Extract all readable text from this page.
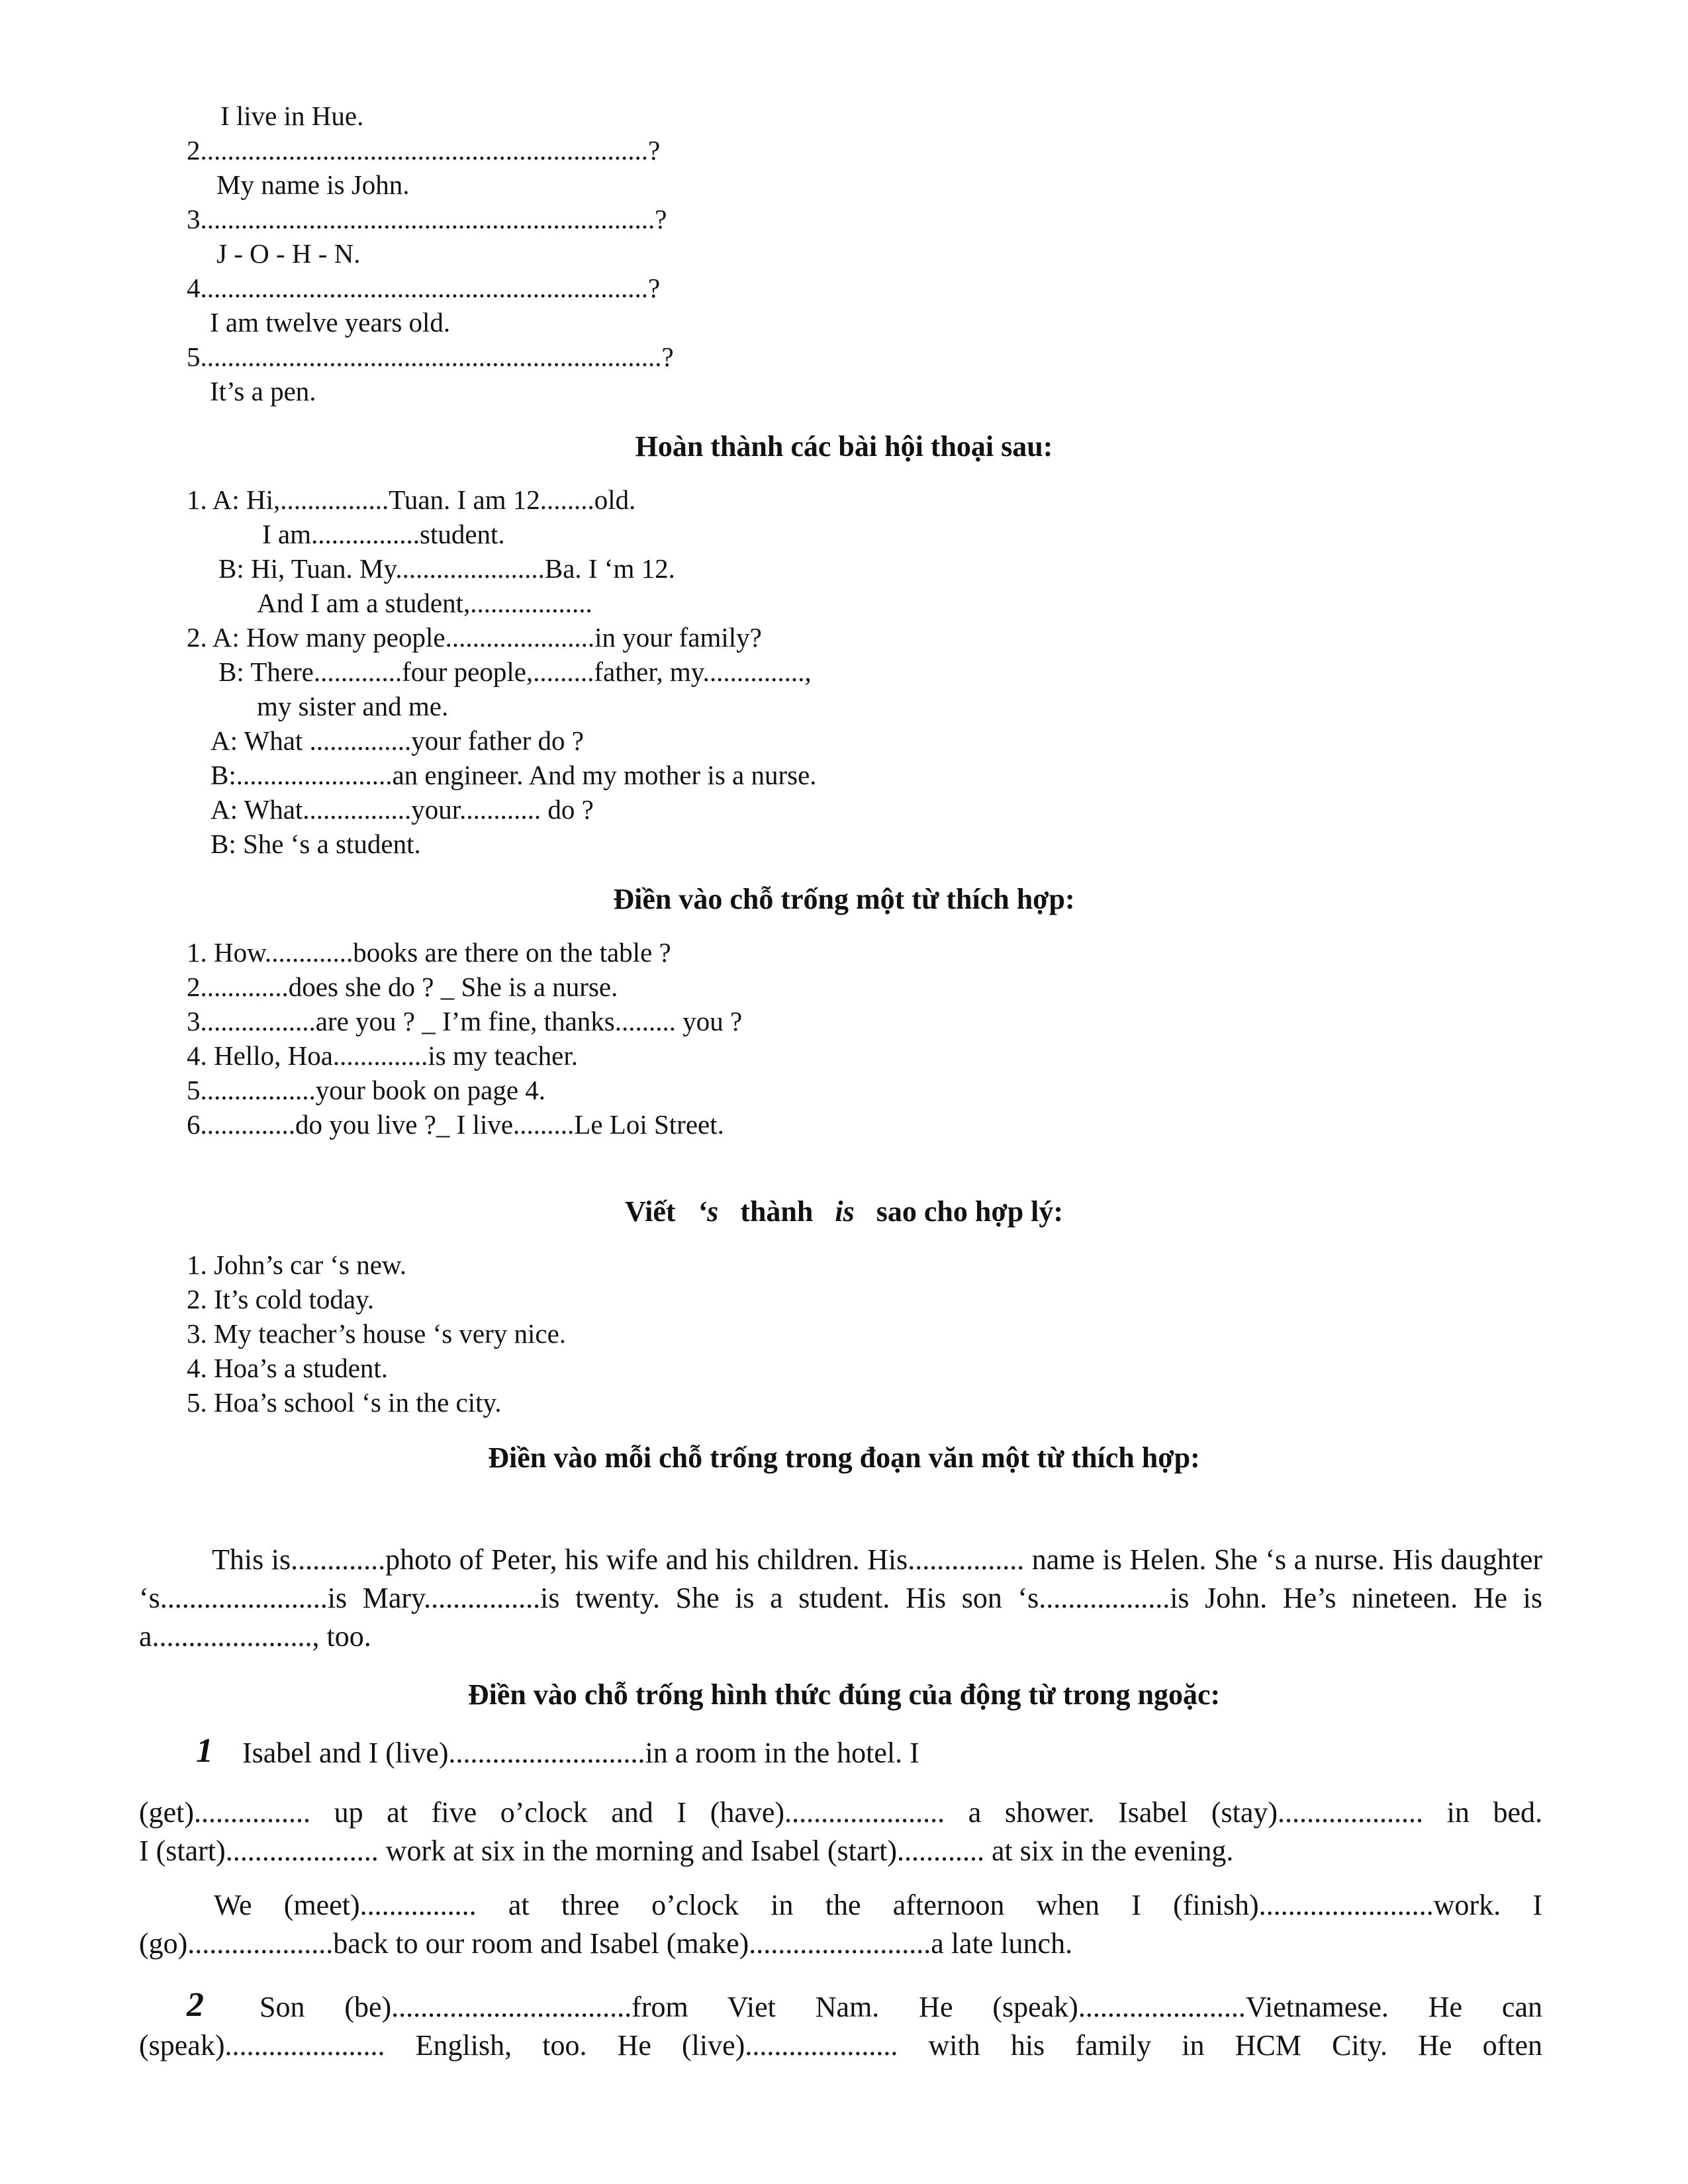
I live in Hue.
2..................................................................?
My name is John.
3...................................................................?
J - O - H - N.
4..................................................................?
I am twelve years old.
5....................................................................?
It’s a pen.
Hoàn thành các bài hội thoại sau:
1. A: Hi,................Tuan. I am 12........old.
I am................student.
B: Hi, Tuan. My......................Ba. I ‘m 12.
And I am a student,..................
2. A: How many people......................in your family?
B: There.............four people,.........father, my...............,
my sister and me.
A: What ...............your father do ?
B:.......................an engineer. And my mother is a nurse.
A: What................your............ do ?
B: She ‘s a student.
Điền vào chỗ trống một từ thích hợp:
1. How.............books are there on the table ?
2.............does she do ? _ She is a nurse.
3.................are you ? _ I’m fine, thanks......... you ?
4. Hello, Hoa..............is my teacher.
5.................your book on page 4.
6..............do you live ?_ I live.........Le Loi Street.
Viết ‘s thành is sao cho hợp lý:
1. John’s car ‘s new.
2. It’s cold today.
3. My teacher’s house ‘s very nice.
4. Hoa’s a student.
5. Hoa’s school ‘s in the city.
Điền vào mỗi chỗ trống trong đoạn văn một từ thích hợp:
This is.............photo of Peter, his wife and his children. His................ name is Helen. She ‘s a nurse. His daughter ‘s.......................is Mary................is twenty. She is a student. His son ‘s..................is John. He’s nineteen. He is a......................, too.
Điền vào chỗ trống hình thức đúng của động từ trong ngoặc:
1 Isabel and I (live)...........................in a room in the hotel. I
(get)................ up at five o’clock and I (have)...................... a shower. Isabel (stay).................... in bed.
I (start)..................... work at six in the morning and Isabel (start)............ at six in the evening.
We (meet)................ at three o’clock in the afternoon when I (finish)........................work. I
(go)....................back to our room and Isabel (make).........................a late lunch.
2 Son (be).................................from Viet Nam. He (speak).......................Vietnamese. He can
(speak)...................... English, too. He (live)..................... with his family in HCM City. He often
